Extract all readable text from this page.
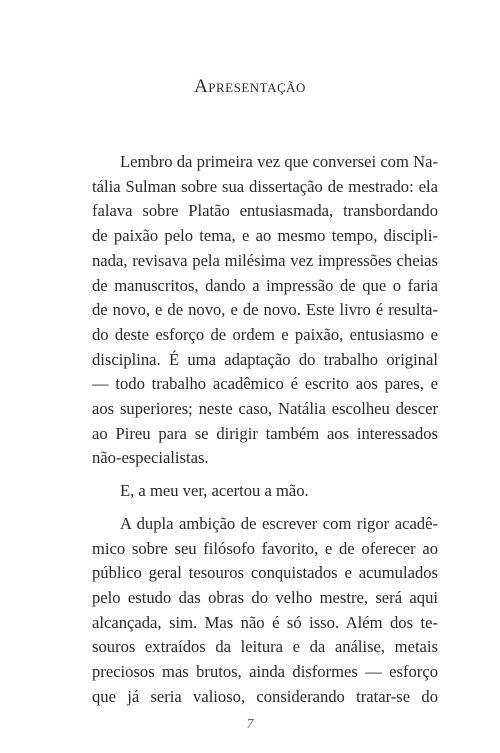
Apresentação

Lembro da primeira vez que conversei com Na-
tália Sulman sobre sua dissertação de mestrado: ela
falava sobre Platão entusiasmada, transbordando
de paixão pelo tema, e ao mesmo tempo, discipli-
nada, revisava pela milésima vez impressões cheias
de manuscritos, dando a impressão de que o faria
de novo, e de novo, e de novo. Este livro é resulta-
do deste esforço de ordem e paixão, entusiasmo e
disciplina. É uma adaptação do trabalho original
— todo trabalho acadêmico é escrito aos pares, e
aos superiores; neste caso, Natália escolheu descer
ao Pireu para se dirigir também aos interessados
não-especialistas.

E, a meu ver, acertou a mão.

A dupla ambição de escrever com rigor acadê-
mico sobre seu filósofo favorito, e de oferecer ao
público geral tesouros conquistados e acumulados
pelo estudo das obras do velho mestre, será aqui
alcançada, sim. Mas não é só isso. Além dos te-
souros extraídos da leitura e da análise, metais
preciosos mas brutos, ainda disformes — esforço
que já seria valioso, considerando tratar-se do

7
